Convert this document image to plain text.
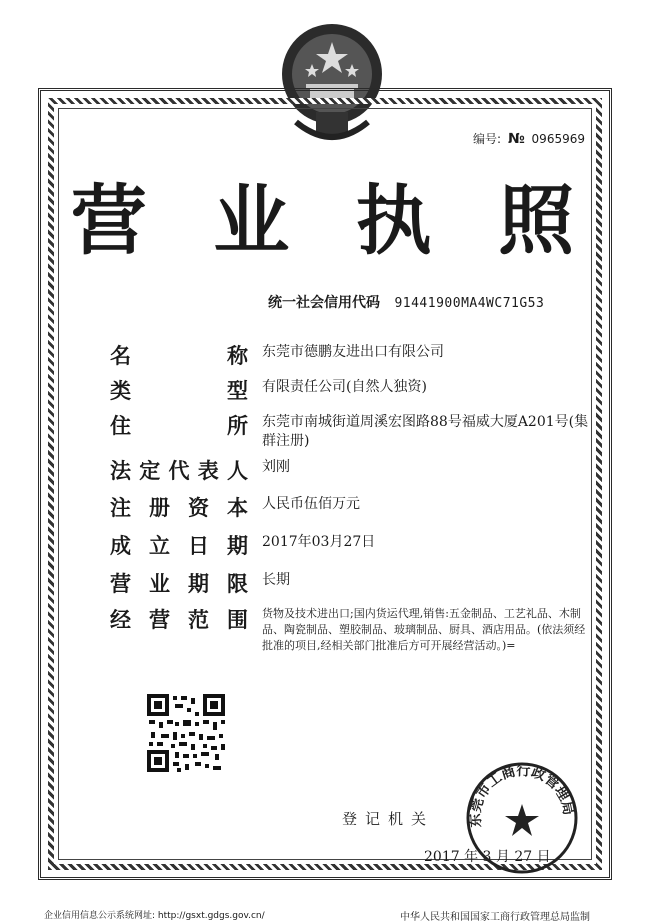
编号: № 0965969
营 业 执 照
统一社会信用代码 91441900MA4WC71G53
名	称 东莞市德鹏友进出口有限公司
类	型 有限责任公司(自然人独资)
住	所 东莞市南城街道周溪宏图路88号福威大厦A201号(集群注册)
法 定 代 表 人 刘刚
注 册 资 本 人民币伍佰万元
成 立 日 期 2017年03月27日
营 业 期 限 长期
经 营 范 围 货物及技术进出口;国内货运代理,销售:五金制品、工艺礼品、木制品、陶瓷制品、塑胶制品、玻璃制品、厨具、酒店用品。(依法须经批准的项目,经相关部门批准后方可开展经营活动。)=
登记机关
2017 年 3 月 27 日
东莞市工商行政管理局
企业信用信息公示系统网址: http://gsxt.gdgs.gov.cn/	中华人民共和国国家工商行政管理总局监制
